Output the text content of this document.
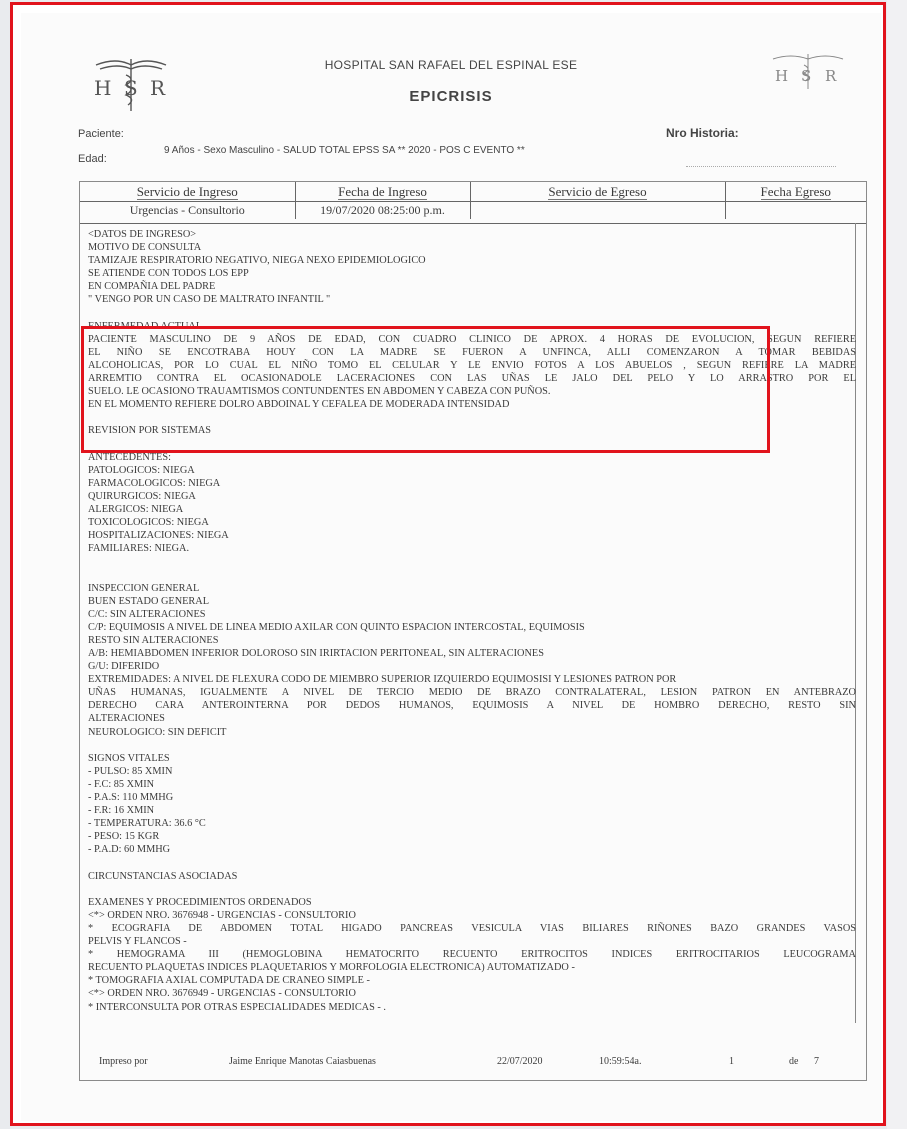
H S R	H S R
HOSPITAL SAN RAFAEL DEL ESPINAL ESE
EPICRISIS
Paciente:	Nro Historia:
Edad:
9 Años - Sexo Masculino - SALUD TOTAL EPSS SA ** 2020 - POS C EVENTO **
Servicio de Ingreso	Fecha de Ingreso	Servicio de Egreso	Fecha Egreso
Urgencias - Consultorio	19/07/2020 08:25:00 p.m.		
<DATOS DE INGRESO>
MOTIVO DE CONSULTA
TAMIZAJE RESPIRATORIO NEGATIVO, NIEGA NEXO EPIDEMIOLOGICO
SE ATIENDE CON TODOS LOS EPP
EN COMPAÑIA DEL PADRE
" VENGO POR UN CASO DE MALTRATO INFANTIL "
ENFERMEDAD ACTUAL
PACIENTE MASCULINO DE 9 AÑOS DE EDAD, CON CUADRO CLINICO DE APROX. 4 HORAS DE EVOLUCION, SEGUN REFIERE
EL NIÑO SE ENCOTRABA HOUY CON LA MADRE SE FUERON A UNFINCA, ALLI COMENZARON A TOMAR BEBIDAS
ALCOHOLICAS, POR LO CUAL EL NIÑO TOMO EL CELULAR Y LE ENVIO FOTOS A LOS ABUELOS , SEGUN REFIERE LA MADRE
ARREMTIO CONTRA EL OCASIONADOLE LACERACIONES CON LAS UÑAS LE JALO DEL PELO Y LO ARRASTRO POR EL
SUELO. LE OCASIONO TRAUAMTISMOS CONTUNDENTES EN ABDOMEN Y CABEZA CON PUÑOS.
EN EL MOMENTO REFIERE DOLRO ABDOINAL Y CEFALEA DE MODERADA INTENSIDAD
REVISION POR SISTEMAS
ANTECEDENTES:
PATOLOGICOS: NIEGA
FARMACOLOGICOS: NIEGA
QUIRURGICOS: NIEGA
ALERGICOS: NIEGA
TOXICOLOGICOS: NIEGA
HOSPITALIZACIONES: NIEGA
FAMILIARES: NIEGA.
INSPECCION GENERAL
BUEN ESTADO GENERAL
C/C: SIN ALTERACIONES
C/P: EQUIMOSIS A NIVEL DE LINEA MEDIO AXILAR CON QUINTO ESPACION INTERCOSTAL, EQUIMOSIS
RESTO SIN ALTERACIONES
A/B: HEMIABDOMEN INFERIOR DOLOROSO SIN IRIRTACION PERITONEAL, SIN ALTERACIONES
G/U: DIFERIDO
EXTREMIDADES: A NIVEL DE FLEXURA CODO DE MIEMBRO SUPERIOR IZQUIERDO EQUIMOSISI Y LESIONES PATRON POR
UÑAS HUMANAS, IGUALMENTE A NIVEL DE TERCIO MEDIO DE BRAZO CONTRALATERAL, LESION PATRON EN ANTEBRAZO
DERECHO CARA ANTEROINTERNA POR DEDOS HUMANOS, EQUIMOSIS A NIVEL DE HOMBRO DERECHO, RESTO SIN
ALTERACIONES
NEUROLOGICO: SIN DEFICIT
SIGNOS VITALES
- PULSO: 85 XMIN
- F.C: 85 XMIN
- P.A.S: 110 MMHG
- F.R: 16 XMIN
- TEMPERATURA: 36.6 °C
- PESO: 15 KGR
- P.A.D: 60 MMHG
CIRCUNSTANCIAS ASOCIADAS
EXAMENES Y PROCEDIMIENTOS ORDENADOS
<*> ORDEN NRO. 3676948 - URGENCIAS - CONSULTORIO
* ECOGRAFIA DE ABDOMEN TOTAL HIGADO PANCREAS VESICULA VIAS BILIARES RIÑONES BAZO GRANDES VASOS
PELVIS Y FLANCOS -
* HEMOGRAMA III (HEMOGLOBINA HEMATOCRITO RECUENTO ERITROCITOS INDICES ERITROCITARIOS LEUCOGRAMA
RECUENTO PLAQUETAS INDICES PLAQUETARIOS Y MORFOLOGIA ELECTRONICA) AUTOMATIZADO -
* TOMOGRAFIA AXIAL COMPUTADA DE CRANEO SIMPLE -
<*> ORDEN NRO. 3676949 - URGENCIAS - CONSULTORIO
* INTERCONSULTA POR OTRAS ESPECIALIDADES MEDICAS - .
Impreso por	Jaime Enrique Manotas Caiasbuenas	22/07/2020	10:59:54a.	1	de 7
